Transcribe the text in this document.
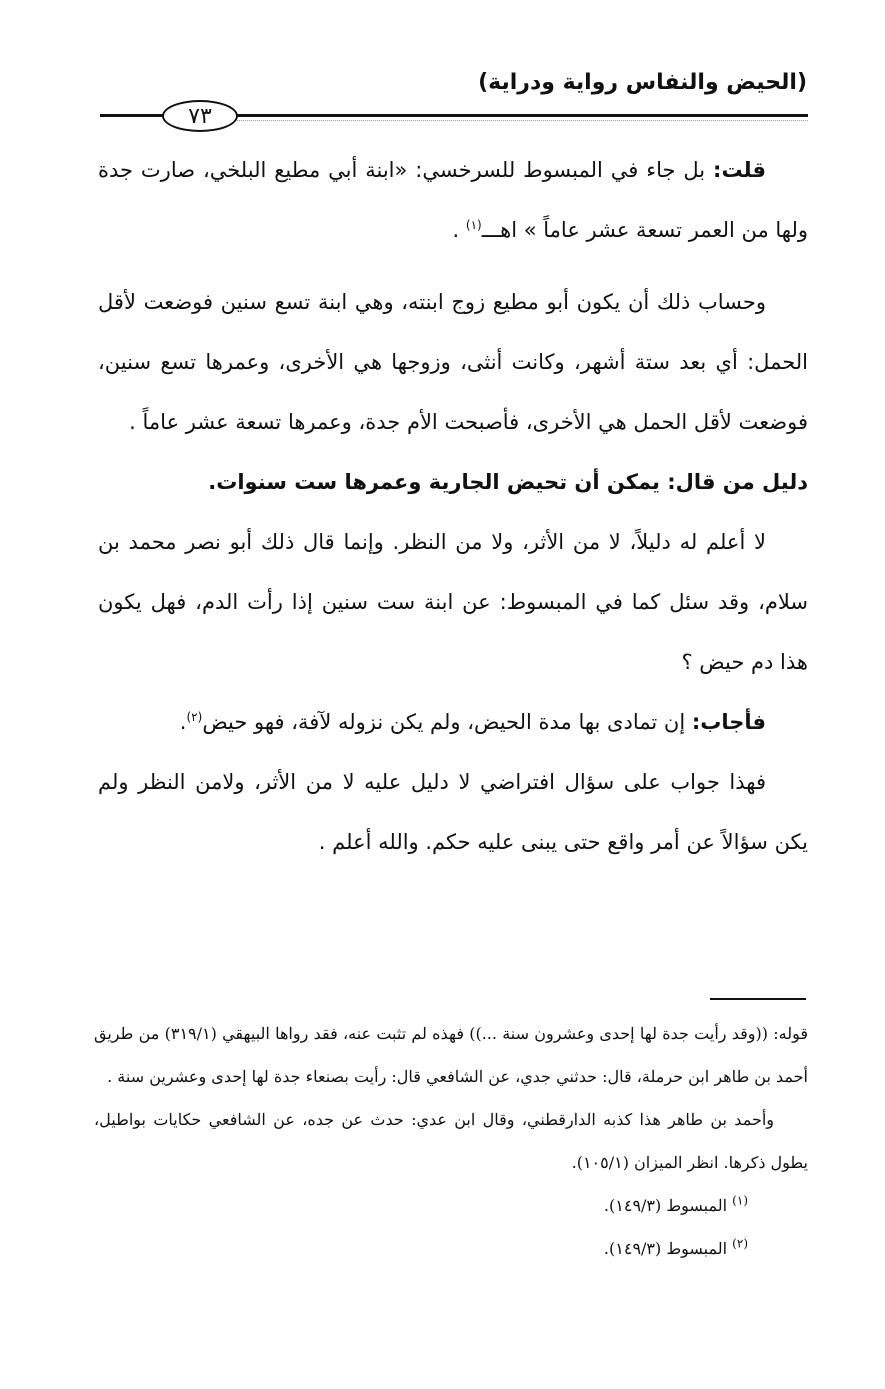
(الحيض والنفاس رواية ودراية)
٧٣

قلت: بل جاء في المبسوط للسرخسي: «ابنة أبي مطيع البلخي، صارت جدة ولها من العمر تسعة عشر عاماً » اهـــ$^{(١)}$ .

وحساب ذلك أن يكون أبو مطيع زوج ابنته، وهي ابنة تسع سنين فوضعت لأقل الحمل: أي بعد ستة أشهر، وكانت أنثى، وزوجها هي الأخرى، وعمرها تسع سنين، فوضعت لأقل الحمل هي الأخرى، فأصبحت الأم جدة، وعمرها تسعة عشر عاماً .

دليل من قال: يمكن أن تحيض الجارية وعمرها ست سنوات.

لا أعلم له دليلاً، لا من الأثر، ولا من النظر. وإنما قال ذلك أبو نصر محمد بن سلام، وقد سئل كما في المبسوط: عن ابنة ست سنين إذا رأت الدم، فهل يكون هذا دم حيض ؟

فأجاب: إن تمادى بها مدة الحيض، ولم يكن نزوله لآفة، فهو حيض$^{(٢)}$.

فهذا جواب على سؤال افتراضي لا دليل عليه لا من الأثر، ولامن النظر ولم يكن سؤالاً عن أمر واقع حتى يبنى عليه حكم. والله أعلم .

قوله: ((وقد رأيت جدة لها إحدى وعشرون سنة ...)) فهذه لم تثبت عنه، فقد رواها البيهقي (٣١٩/١) من طريق أحمد بن طاهر ابن حرملة، قال: حدثني جدي، عن الشافعي قال: رأيت بصنعاء جدة لها إحدى وعشرين سنة .

وأحمد بن طاهر هذا كذبه الدارقطني، وقال ابن عدي: حدث عن جده، عن الشافعي حكايات بواطيل، يطول ذكرها. انظر الميزان (١٠٥/١).

$^{(١)}$ المبسوط (١٤٩/٣).

$^{(٢)}$ المبسوط (١٤٩/٣).
